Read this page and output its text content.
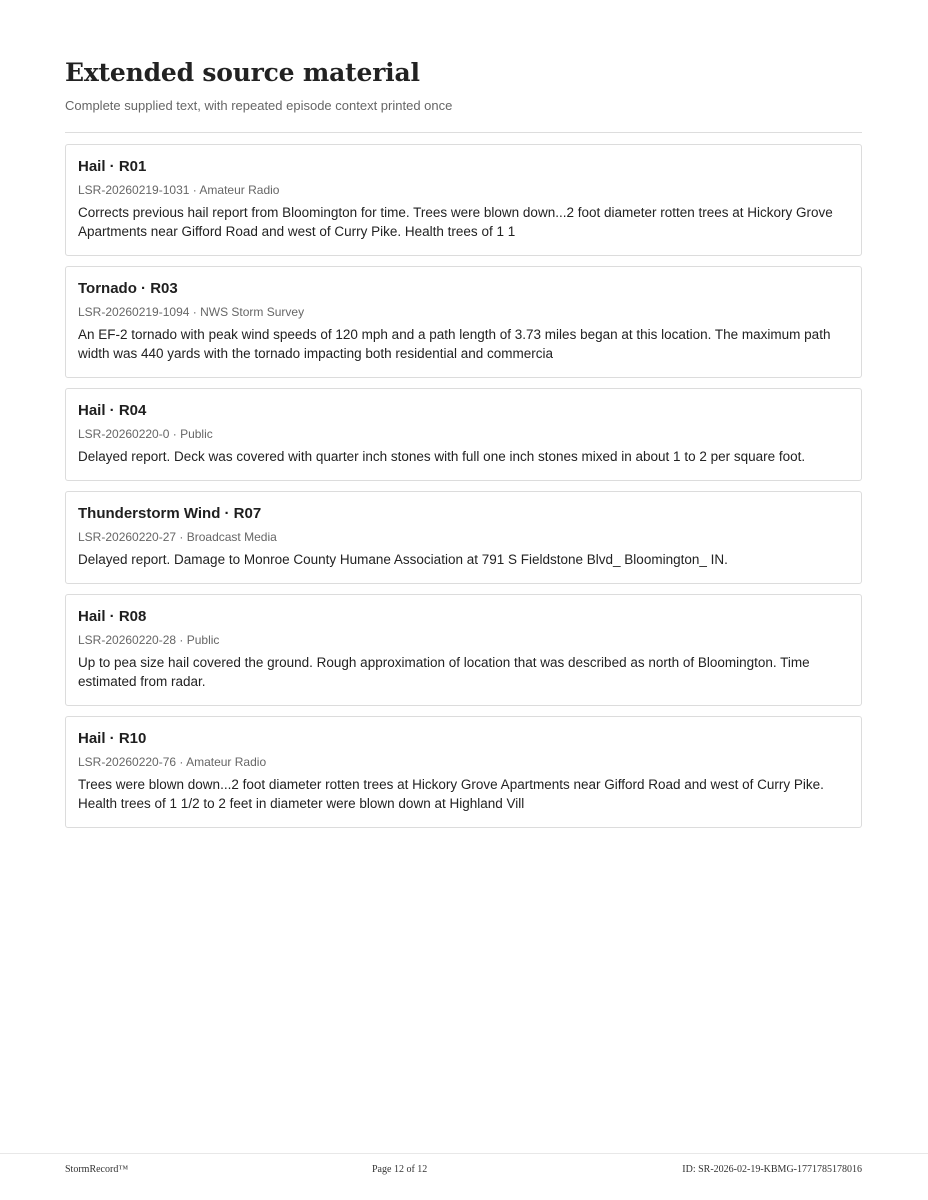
Extended source material

Complete supplied text, with repeated episode context printed once

Hail · R01
LSR-20260219-1031 · Amateur Radio
Corrects previous hail report from Bloomington for time. Trees were blown down...2 foot diameter rotten trees at Hickory Grove Apartments near Gifford Road and west of Curry Pike. Health trees of 1 1
Tornado · R03
LSR-20260219-1094 · NWS Storm Survey
An EF-2 tornado with peak wind speeds of 120 mph and a path length of 3.73 miles began at this location. The maximum path width was 440 yards with the tornado impacting both residential and commercia
Hail · R04
LSR-20260220-0 · Public
Delayed report. Deck was covered with quarter inch stones with full one inch stones mixed in about 1 to 2 per square foot.
Thunderstorm Wind · R07
LSR-20260220-27 · Broadcast Media
Delayed report. Damage to Monroe County Humane Association at 791 S Fieldstone Blvd_ Bloomington_ IN.
Hail · R08
LSR-20260220-28 · Public
Up to pea size hail covered the ground. Rough approximation of location that was described as north of Bloomington. Time estimated from radar.
Hail · R10
LSR-20260220-76 · Amateur Radio
Trees were blown down...2 foot diameter rotten trees at Hickory Grove Apartments near Gifford Road and west of Curry Pike. Health trees of 1 1/2 to 2 feet in diameter were blown down at Highland Vill
StormRecord™	Page 12 of 12	ID: SR-2026-02-19-KBMG-1771785178016
